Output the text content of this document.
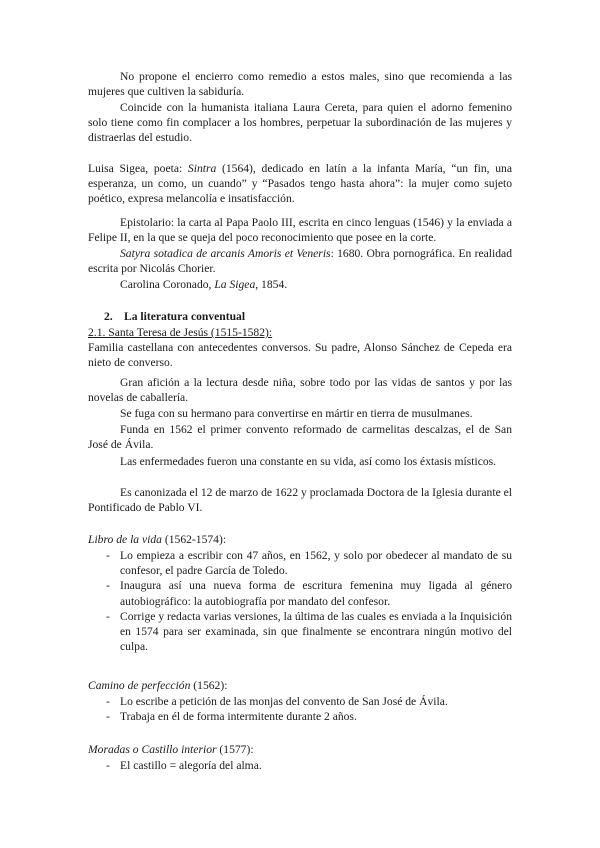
No propone el encierro como remedio a estos males, sino que recomienda a las mujeres que cultiven la sabiduría.

Coincide con la humanista italiana Laura Cereta, para quien el adorno femenino solo tiene como fin complacer a los hombres, perpetuar la subordinación de las mujeres y distraerlas del estudio.

Luisa Sigea, poeta: Sintra (1564), dedicado en latín a la infanta María, “un fin, una esperanza, un como, un cuando” y “Pasados tengo hasta ahora”: la mujer como sujeto poético, expresa melancolía e insatisfacción.

Epistolario: la carta al Papa Paolo III, escrita en cinco lenguas (1546) y la enviada a Felipe II, en la que se queja del poco reconocimiento que posee en la corte.

Satyra sotadica de arcanis Amoris et Veneris: 1680. Obra pornográfica. En realidad escrita por Nicolás Chorier.

Carolina Coronado, La Sigea, 1854.

2. La literatura conventual
2.1. Santa Teresa de Jesús (1515-1582):

Familia castellana con antecedentes conversos. Su padre, Alonso Sánchez de Cepeda era nieto de converso.

Gran afición a la lectura desde niña, sobre todo por las vidas de santos y por las novelas de caballería.

Se fuga con su hermano para convertirse en mártir en tierra de musulmanes.

Funda en 1562 el primer convento reformado de carmelitas descalzas, el de San José de Ávila.

Las enfermedades fueron una constante en su vida, así como los éxtasis místicos.

Es canonizada el 12 de marzo de 1622 y proclamada Doctora de la Iglesia durante el Pontificado de Pablo VI.

Libro de la vida (1562-1574):
- Lo empieza a escribir con 47 años, en 1562, y solo por obedecer al mandato de su confesor, el padre García de Toledo.
- Inaugura así una nueva forma de escritura femenina muy ligada al género autobiográfico: la autobiografía por mandato del confesor.
- Corrige y redacta varias versiones, la última de las cuales es enviada a la Inquisición en 1574 para ser examinada, sin que finalmente se encontrara ningún motivo del culpa.
Camino de perfección (1562):
- Lo escribe a petición de las monjas del convento de San José de Ávila.
- Trabaja en él de forma intermitente durante 2 años.
Moradas o Castillo interior (1577):
- El castillo = alegoría del alma.
